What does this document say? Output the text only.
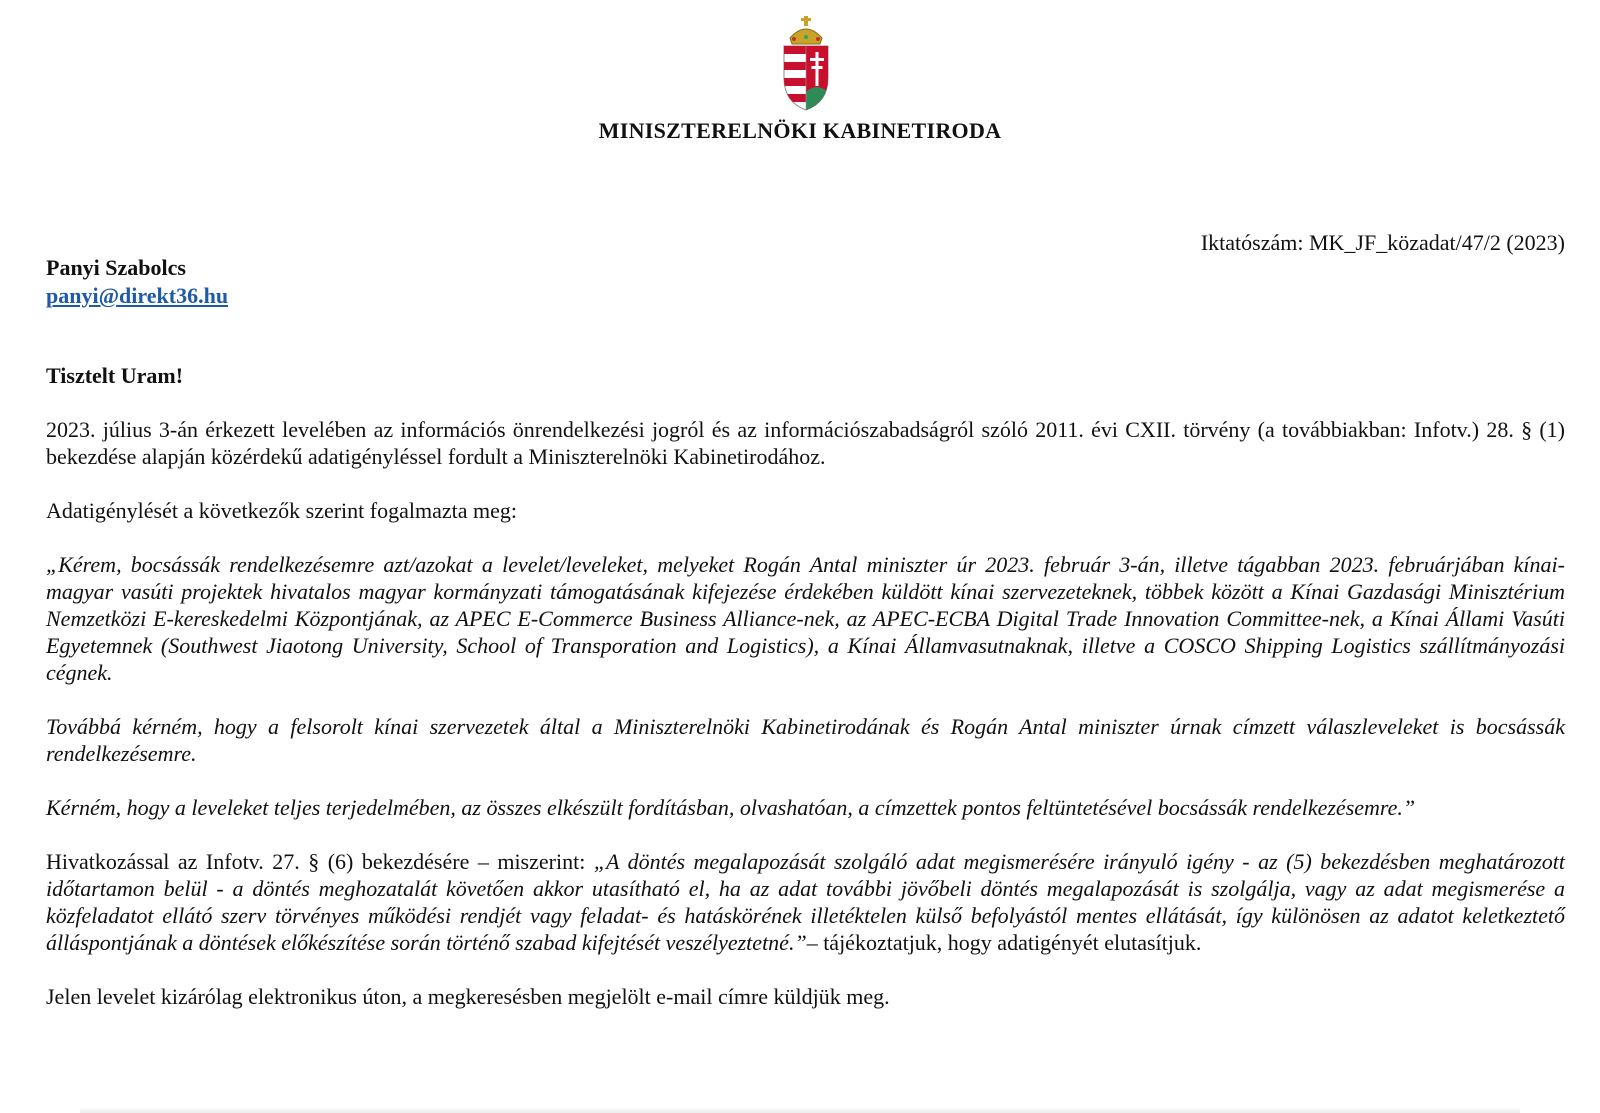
MINISZTERELNÖKI KABINETIRODA
Iktatószám: MK_JF_közadat/47/2 (2023)
Panyi Szabolcs
panyi@direkt36.hu

Tisztelt Uram!

2023. július 3-án érkezett levelében az információs önrendelkezési jogról és az információszabadságról szóló 2011. évi CXII. törvény (a továbbiakban: Infotv.) 28. § (1) bekezdése alapján közérdekű adatigényléssel fordult a Miniszterelnöki Kabinetirodához.

Adatigénylését a következők szerint fogalmazta meg:

„Kérem, bocsássák rendelkezésemre azt/azokat a levelet/leveleket, melyeket Rogán Antal miniszter úr 2023. február 3-án, illetve tágabban 2023. februárjában kínai-magyar vasúti projektek hivatalos magyar kormányzati támogatásának kifejezése érdekében küldött kínai szervezeteknek, többek között a Kínai Gazdasági Minisztérium Nemzetközi E-kereskedelmi Központjának, az APEC E-Commerce Business Alliance-nek, az APEC-ECBA Digital Trade Innovation Committee-nek, a Kínai Állami Vasúti Egyetemnek (Southwest Jiaotong University, School of Transporation and Logistics), a Kínai Államvasutnaknak, illetve a COSCO Shipping Logistics szállítmányozási cégnek.

Továbbá kérném, hogy a felsorolt kínai szervezetek által a Miniszterelnöki Kabinetirodának és Rogán Antal miniszter úrnak címzett válaszleveleket is bocsássák rendelkezésemre.

Kérném, hogy a leveleket teljes terjedelmében, az összes elkészült fordításban, olvashatóan, a címzettek pontos feltüntetésével bocsássák rendelkezésemre.”

Hivatkozással az Infotv. 27. § (6) bekezdésére – miszerint: „A döntés megalapozását szolgáló adat megismerésére irányuló igény - az (5) bekezdésben meghatározott időtartamon belül - a döntés meghozatalát követően akkor utasítható el, ha az adat további jövőbeli döntés megalapozását is szolgálja, vagy az adat megismerése a közfeladatot ellátó szerv törvényes működési rendjét vagy feladat- és hatáskörének illetéktelen külső befolyástól mentes ellátását, így különösen az adatot keletkeztető álláspontjának a döntések előkészítése során történő szabad kifejtését veszélyeztetné.”– tájékoztatjuk, hogy adatigényét elutasítjuk.

Jelen levelet kizárólag elektronikus úton, a megkeresésben megjelölt e-mail címre küldjük meg.
